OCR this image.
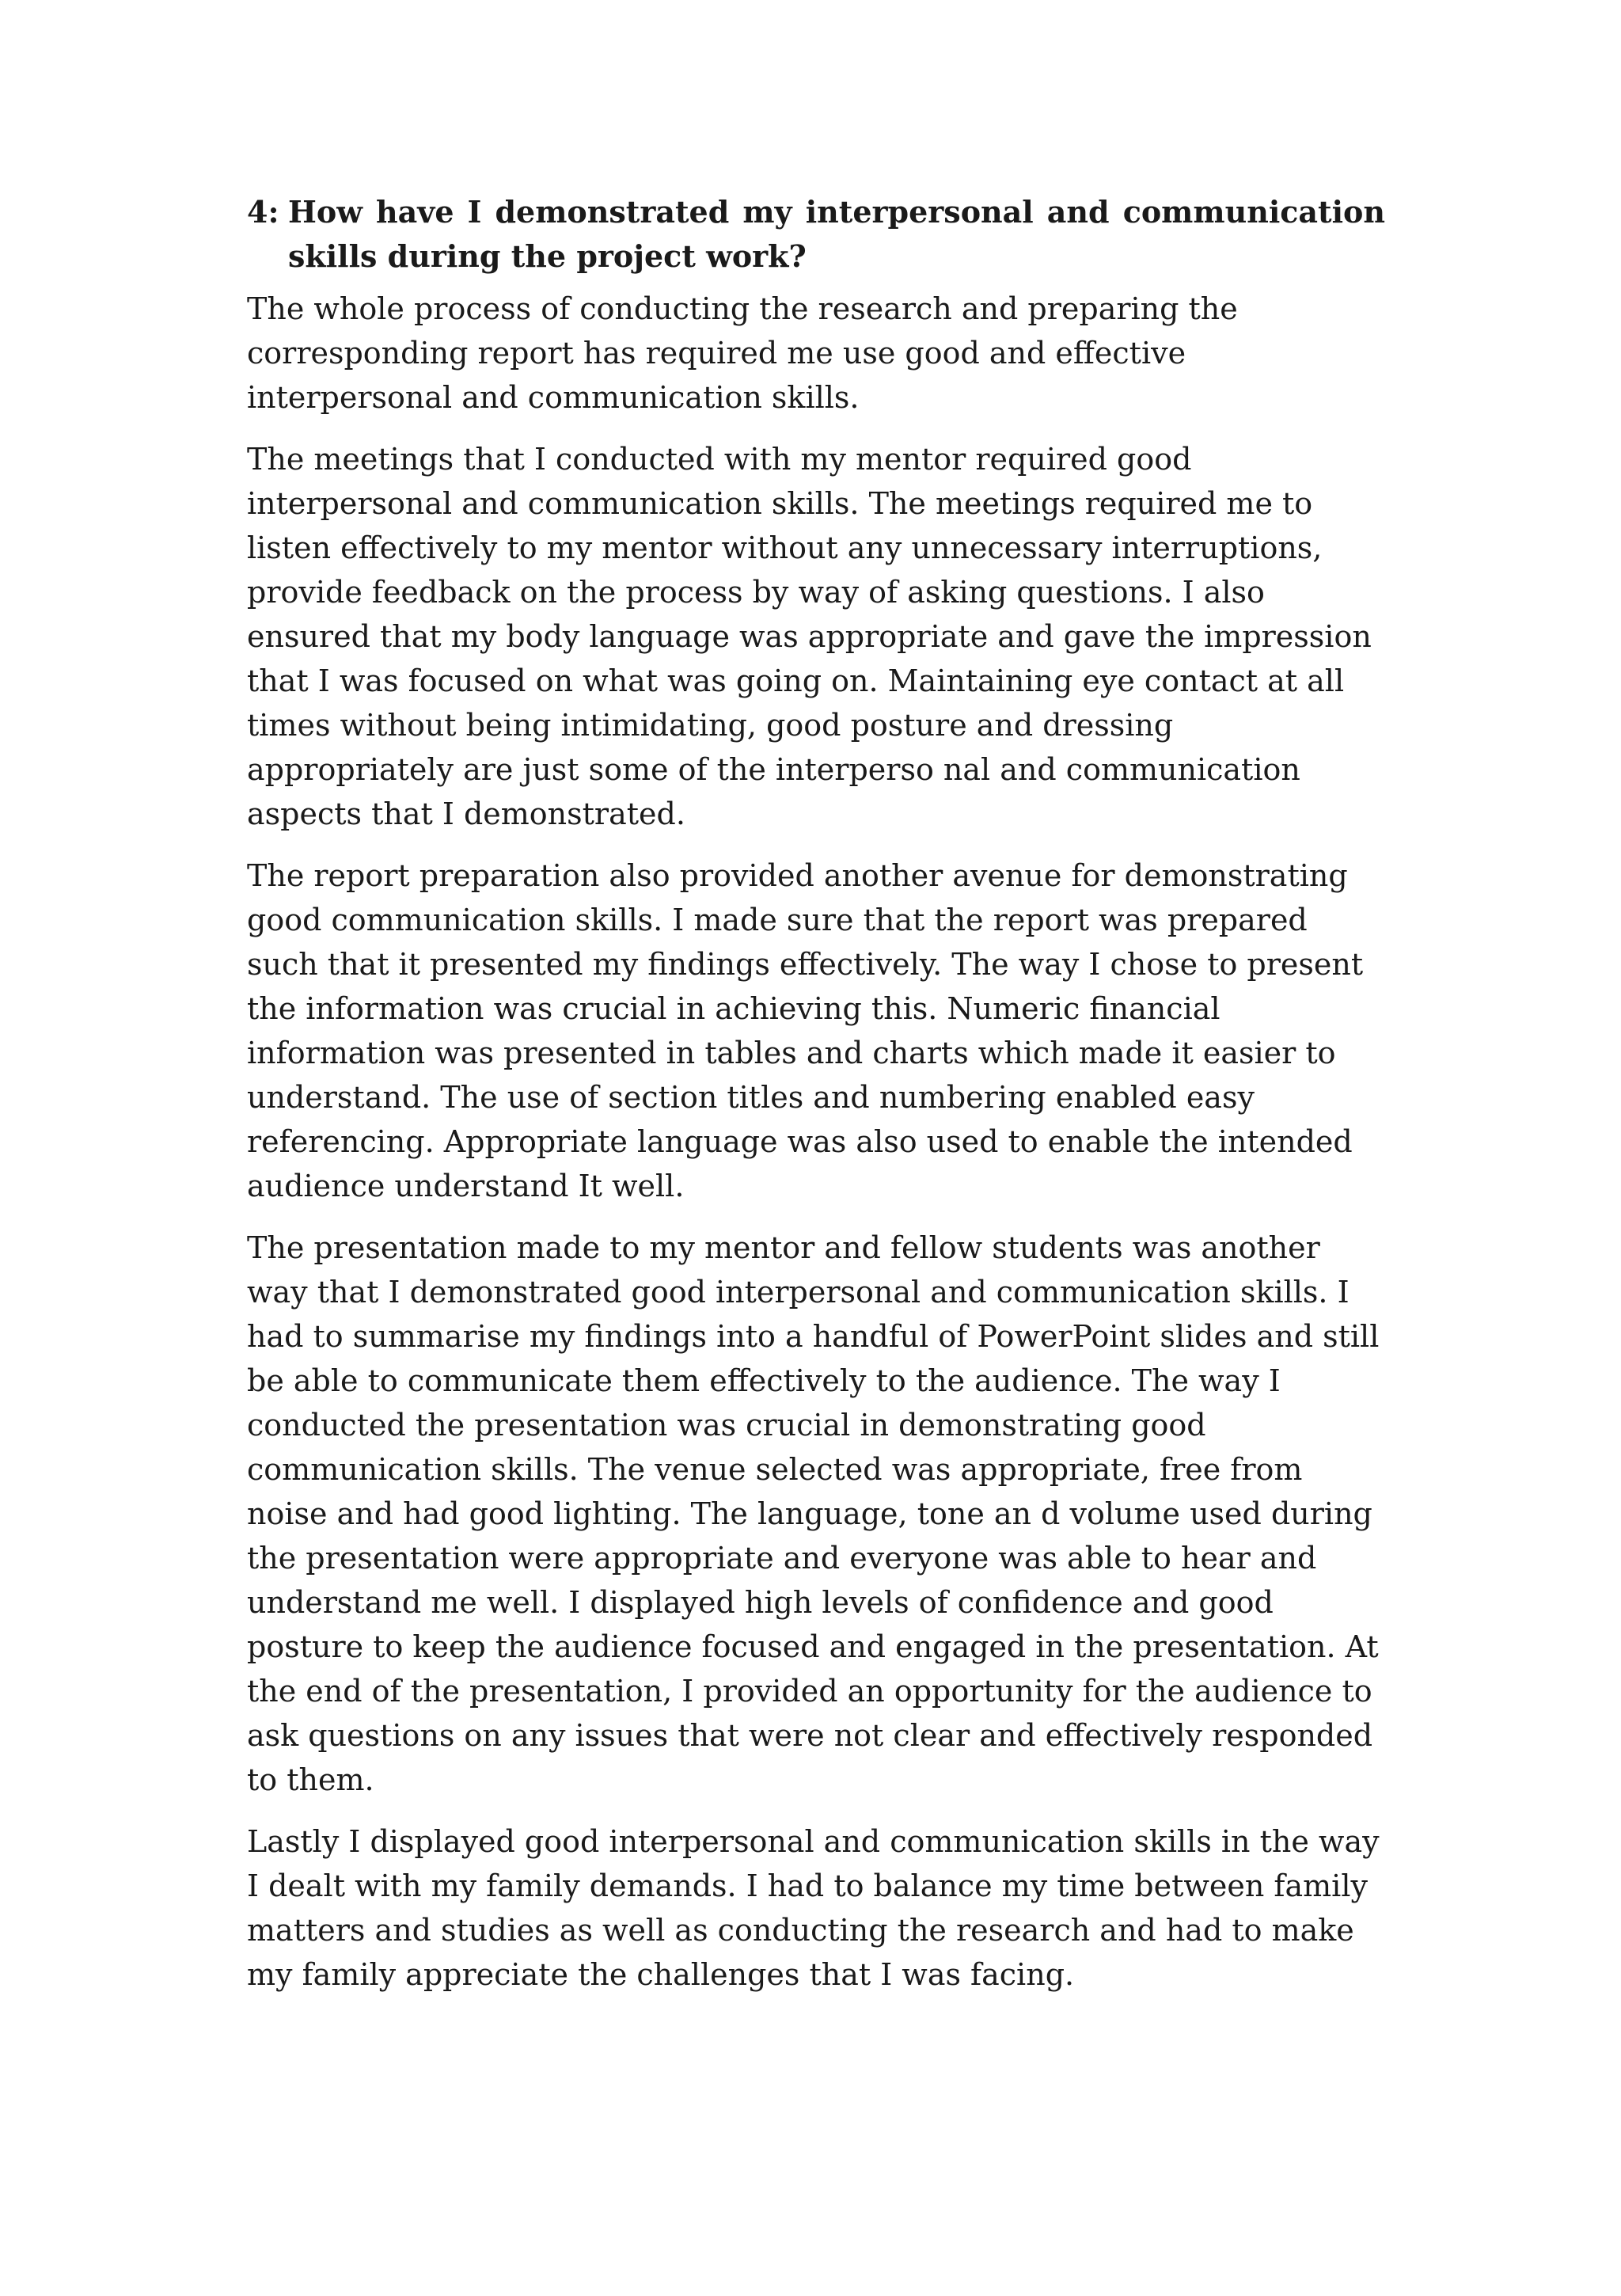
4: How have I demonstrated my interpersonal and communication skills during the project work?

The whole process of conducting the research and preparing the corresponding report has required me use good and effective interpersonal and communication skills.

The meetings that I conducted with my mentor required good interpersonal and communication skills. The meetings required me to listen effectively to my mentor without any unnecessary interruptions, provide feedback on the process by way of asking questions. I also ensured that my body language was appropriate and gave the impression that I was focused on what was going on. Maintaining eye contact at all times without being intimidating, good posture and dressing appropriately are just some of the interperso nal and communication aspects that I demonstrated.

The report preparation also provided another avenue for demonstrating good communication skills. I made sure that the report was prepared such that it presented my findings effectively. The way I chose to present the information was crucial in achieving this. Numeric financial information was presented in tables and charts which made it easier to understand. The use of section titles and numbering enabled easy referencing. Appropriate language was also used to enable the intended audience understand It well.

The presentation made to my mentor and fellow students was another way that I demonstrated good interpersonal and communication skills. I had to summarise my findings into a handful of PowerPoint slides and still be able to communicate them effectively to the audience. The way I conducted the presentation was crucial in demonstrating good communication skills. The venue selected was appropriate, free from noise and had good lighting. The language, tone an d volume used during the presentation were appropriate and everyone was able to hear and understand me well. I displayed high levels of confidence and good posture to keep the audience focused and engaged in the presentation. At the end of the presentation, I provided an opportunity for the audience to ask questions on any issues that were not clear and effectively responded to them.

Lastly I displayed good interpersonal and communication skills in the way I dealt with my family demands. I had to balance my time between family matters and studies as well as conducting the research and had to make my family appreciate the challenges that I was facing.
